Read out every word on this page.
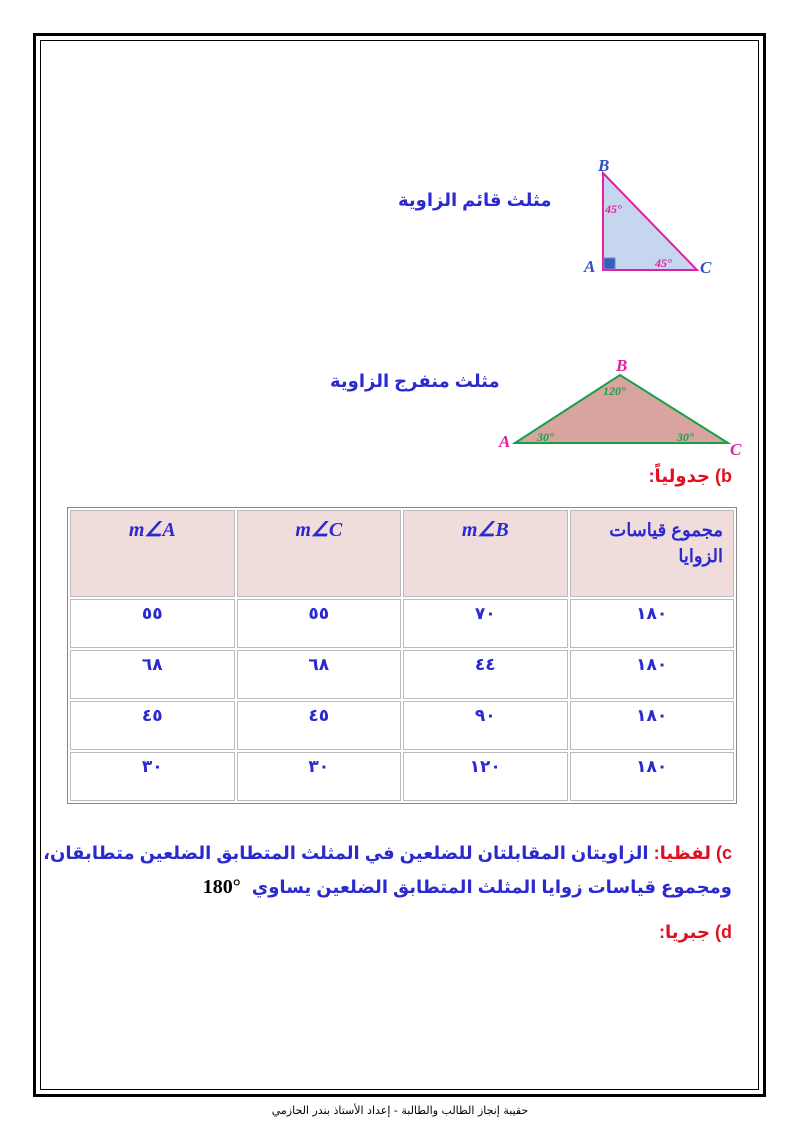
مثلث قائم الزاوية
B
A	C
45°
45°
مثلث منفرج الزاوية
B
A	C
120°
30°	30°
b) جدولياً:
مجموع قياسات
الزوايا	m∠B	m∠C	m∠A
١٨٠	٧٠	٥٥	٥٥
١٨٠	٤٤	٦٨	٦٨
١٨٠	٩٠	٤٥	٤٥
١٨٠	١٢٠	٣٠	٣٠
c) لفظيا: الزاويتان المقابلتان للضلعين في المثلث المتطابق الضلعين متطابقان،
ومجموع قياسات زوايا المثلث المتطابق الضلعين يساوي 180°
d) جبريا:
حقيبة إنجاز الطالب والطالبة - إعداد الأستاذ بندر الحازمي
